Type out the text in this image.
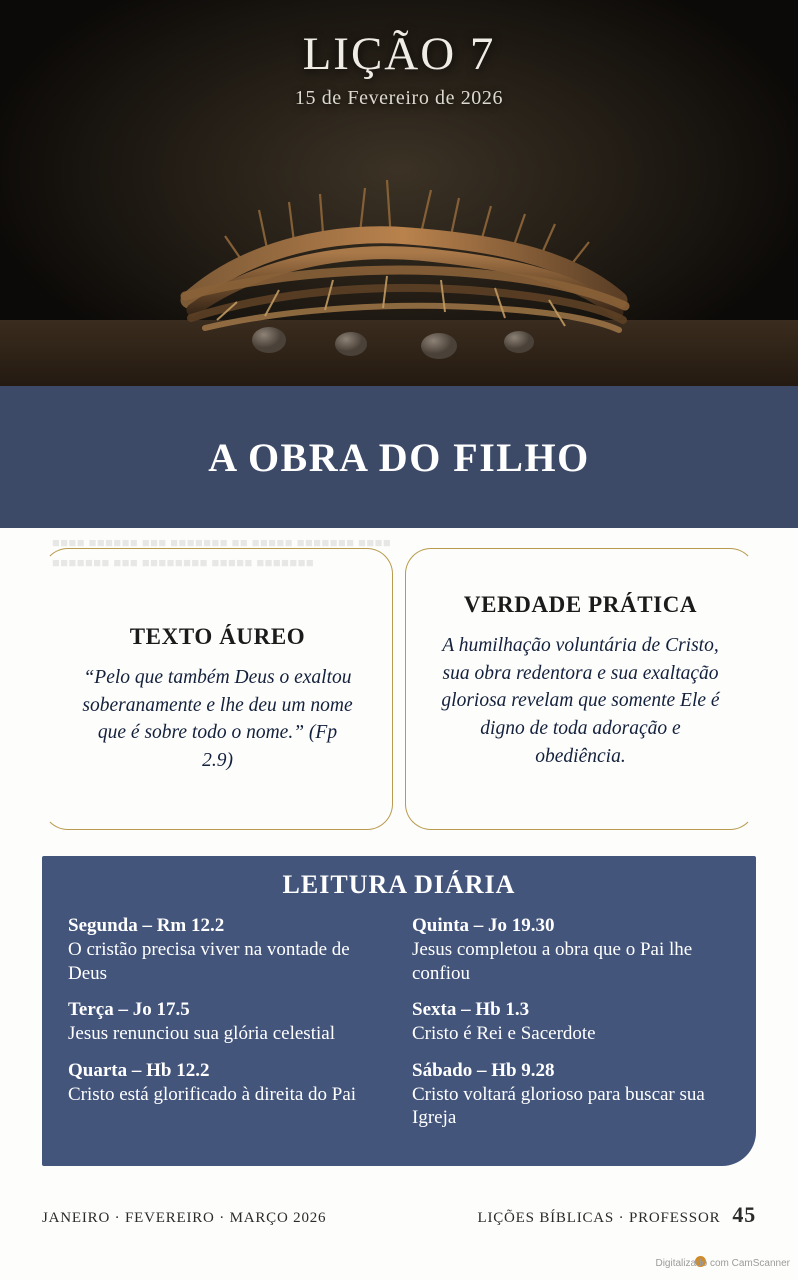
LIÇÃO 7
15 de Fevereiro de 2026
A OBRA DO FILHO
■■■■ ■■■■■■ ■■■ ■■■■■■■ ■■ ■■■■■ ■■■■■■■ ■■■■
■■■■■■■ ■■■ ■■■■■■■■ ■■■■■ ■■■■■■■
TEXTO ÁUREO

“Pelo que também Deus o exaltou soberanamente e lhe deu um nome que é sobre todo o nome.” (Fp 2.9)

VERDADE PRÁTICA

A humilhação voluntária de Cristo, sua obra redentora e sua exaltação gloriosa revelam que somente Ele é digno de toda adoração e obediência.

LEITURA DIÁRIA
Segunda – Rm 12.2
O cristão precisa viver na vontade de Deus
Terça – Jo 17.5
Jesus renunciou sua glória celestial
Quarta – Hb 12.2
Cristo está glorificado à direita do Pai
Quinta – Jo 19.30
Jesus completou a obra que o Pai lhe confiou
Sexta – Hb 1.3
Cristo é Rei e Sacerdote
Sábado – Hb 9.28
Cristo voltará glorioso para buscar sua Igreja
JANEIRO · FEVEREIRO · MARÇO 2026	LIÇÕES BÍBLICAS · PROFESSOR 45
Digitalizado com CamScanner
